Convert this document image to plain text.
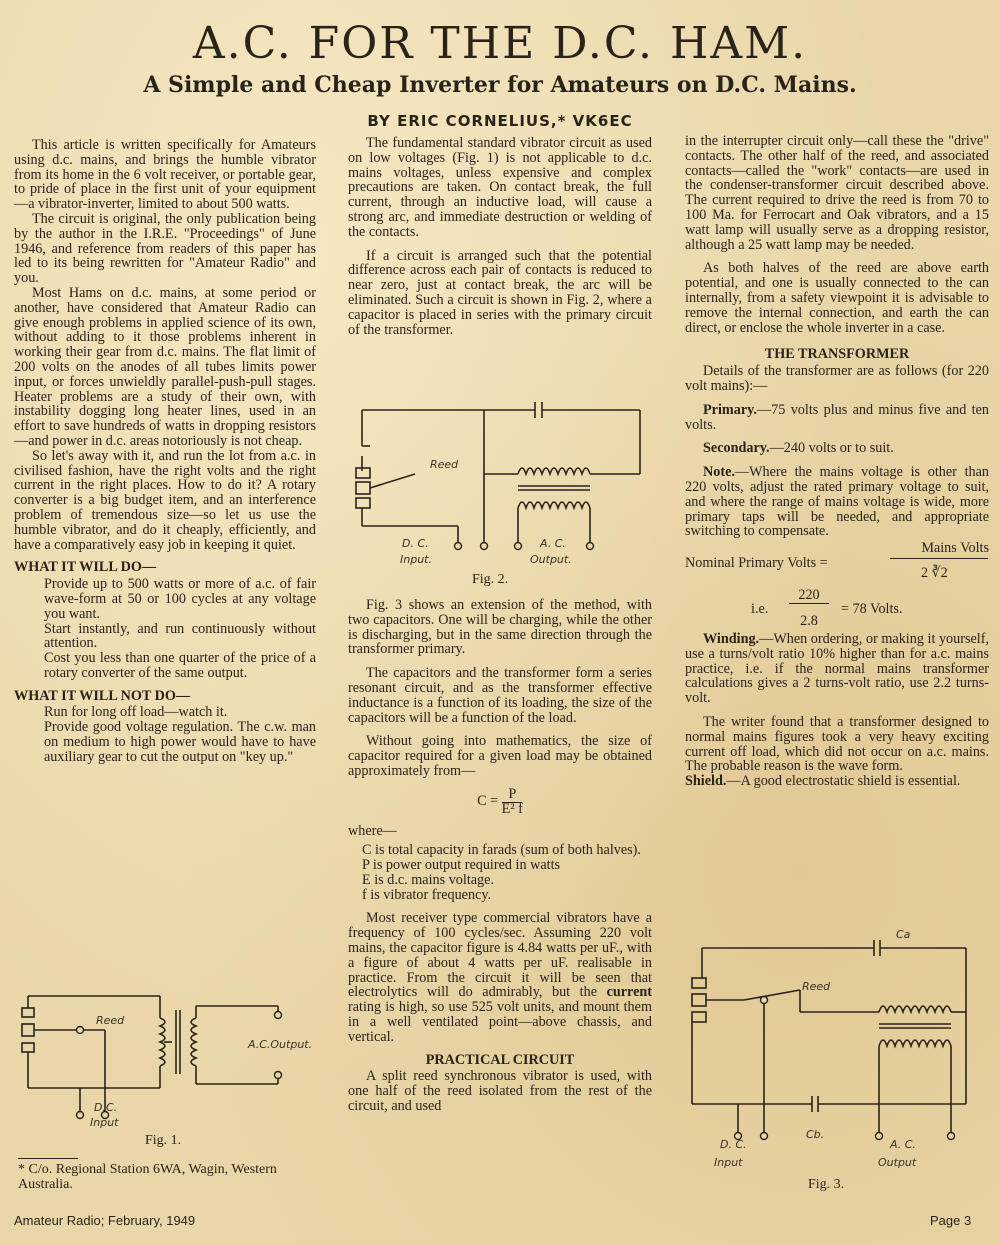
A.C. FOR THE D.C. HAM.
A Simple and Cheap Inverter for Amateurs on D.C. Mains.
BY ERIC CORNELIUS,* VK6EC

This article is written specifically for Amateurs using d.c. mains, and brings the humble vibrator from its home in the 6 volt receiver, or portable gear, to pride of place in the first unit of your equipment—a vibrator-inverter, limited to about 500 watts.

The circuit is original, the only publication being by the author in the I.R.E. "Proceedings" of June 1946, and reference from readers of this paper has led to its being rewritten for "Amateur Radio" and you.

Most Hams on d.c. mains, at some period or another, have considered that Amateur Radio can give enough problems in applied science of its own, without adding to it those problems inherent in working their gear from d.c. mains. The flat limit of 200 volts on the anodes of all tubes limits power input, or forces unwieldly parallel-push-pull stages. Heater problems are a study of their own, with instability dogging long heater lines, used in an effort to save hundreds of watts in dropping resistors—and power in d.c. areas notoriously is not cheap.

So let's away with it, and run the lot from a.c. in civilised fashion, have the right volts and the right current in the right places. How to do it? A rotary converter is a big budget item, and an interference problem of tremendous size—so let us use the humble vibrator, and do it cheaply, efficiently, and have a comparatively easy job in keeping it quiet.

WHAT IT WILL DO—

Provide up to 500 watts or more of a.c. of fair wave-form at 50 or 100 cycles at any voltage you want.

Start instantly, and run continuously without attention.

Cost you less than one quarter of the price of a rotary converter of the same output.

WHAT IT WILL NOT DO—

Run for long off load—watch it.

Provide good voltage regulation. The c.w. man on medium to high power would have to have auxiliary gear to cut the output on "key up."

Reed
A.C.Output.
D.C.
Input
Fig. 1.
* C/o. Regional Station 6WA, Wagin, Western Australia.

The fundamental standard vibrator circuit as used on low voltages (Fig. 1) is not applicable to d.c. mains voltages, unless expensive and complex precautions are taken. On contact break, the full current, through an inductive load, will cause a strong arc, and immediate destruction or welding of the contacts.

If a circuit is arranged such that the potential difference across each pair of contacts is reduced to near zero, just at contact break, the arc will be eliminated. Such a circuit is shown in Fig. 2, where a capacitor is placed in series with the primary circuit of the transformer.

Reed
D. C.
Input.
A. C.
Output.
Fig. 2.

Fig. 3 shows an extension of the method, with two capacitors. One will be charging, while the other is discharging, but in the same direction through the transformer primary.

The capacitors and the transformer form a series resonant circuit, and as the transformer effective inductance is a function of its loading, the size of the capacitors will be a function of the load.

Without going into mathematics, the size of capacitor required for a given load may be obtained approximately from—

$C = \frac{P}{\text{E² f}}$

where—

C is total capacity in farads (sum of both halves).

P is power output required in watts

E is d.c. mains voltage.

f is vibrator frequency.

Most receiver type commercial vibrators have a frequency of 100 cycles/sec. Assuming 220 volt mains, the capacitor figure is 4.84 watts per uF., with a figure of about 4 watts per uF. realisable in practice. From the circuit it will be seen that electrolytics will do admirably, but the current rating is high, so use 525 volt units, and mount them in a well ventilated point—above chassis, and vertical.

PRACTICAL CIRCUIT

A split reed synchronous vibrator is used, with one half of the reed isolated from the rest of the circuit, and used

in the interrupter circuit only—call these the "drive" contacts. The other half of the reed, and associated contacts—called the "work" contacts—are used in the condenser-transformer circuit described above. The current required to drive the reed is from 70 to 100 Ma. for Ferrocart and Oak vibrators, and a 15 watt lamp will usually serve as a dropping resistor, although a 25 watt lamp may be needed.

As both halves of the reed are above earth potential, and one is usually connected to the can internally, from a safety viewpoint it is advisable to remove the internal connection, and earth the can direct, or enclose the whole inverter in a case.

THE TRANSFORMER

Details of the transformer are as follows (for 220 volt mains):—

Primary.—75 volts plus and minus five and ten volts.

Secondary.—240 volts or to suit.

Note.—Where the mains voltage is other than 220 volts, adjust the rated primary voltage to suit, and where the range of mains voltage is wide, more primary taps will be needed, and appropriate switching to compensate.

Mains Volts
Nominal Primary Volts =
2 ∛2
i.e.
220
2.8
= 78 Volts.

Winding.—When ordering, or making it yourself, use a turns/volt ratio 10% higher than for a.c. mains practice, i.e. if the normal mains transformer calculations gives a 2 turns-volt ratio, use 2.2 turns-volt.

The writer found that a transformer designed to normal mains figures took a very heavy exciting current off load, which did not occur on a.c. mains. The probable reason is the wave form.

Shield.—A good electrostatic shield is essential.

Ca
Reed
Cb.
D. C.
Input
A. C.
Output
Fig. 3.
Amateur Radio; February, 1949	Page 3
